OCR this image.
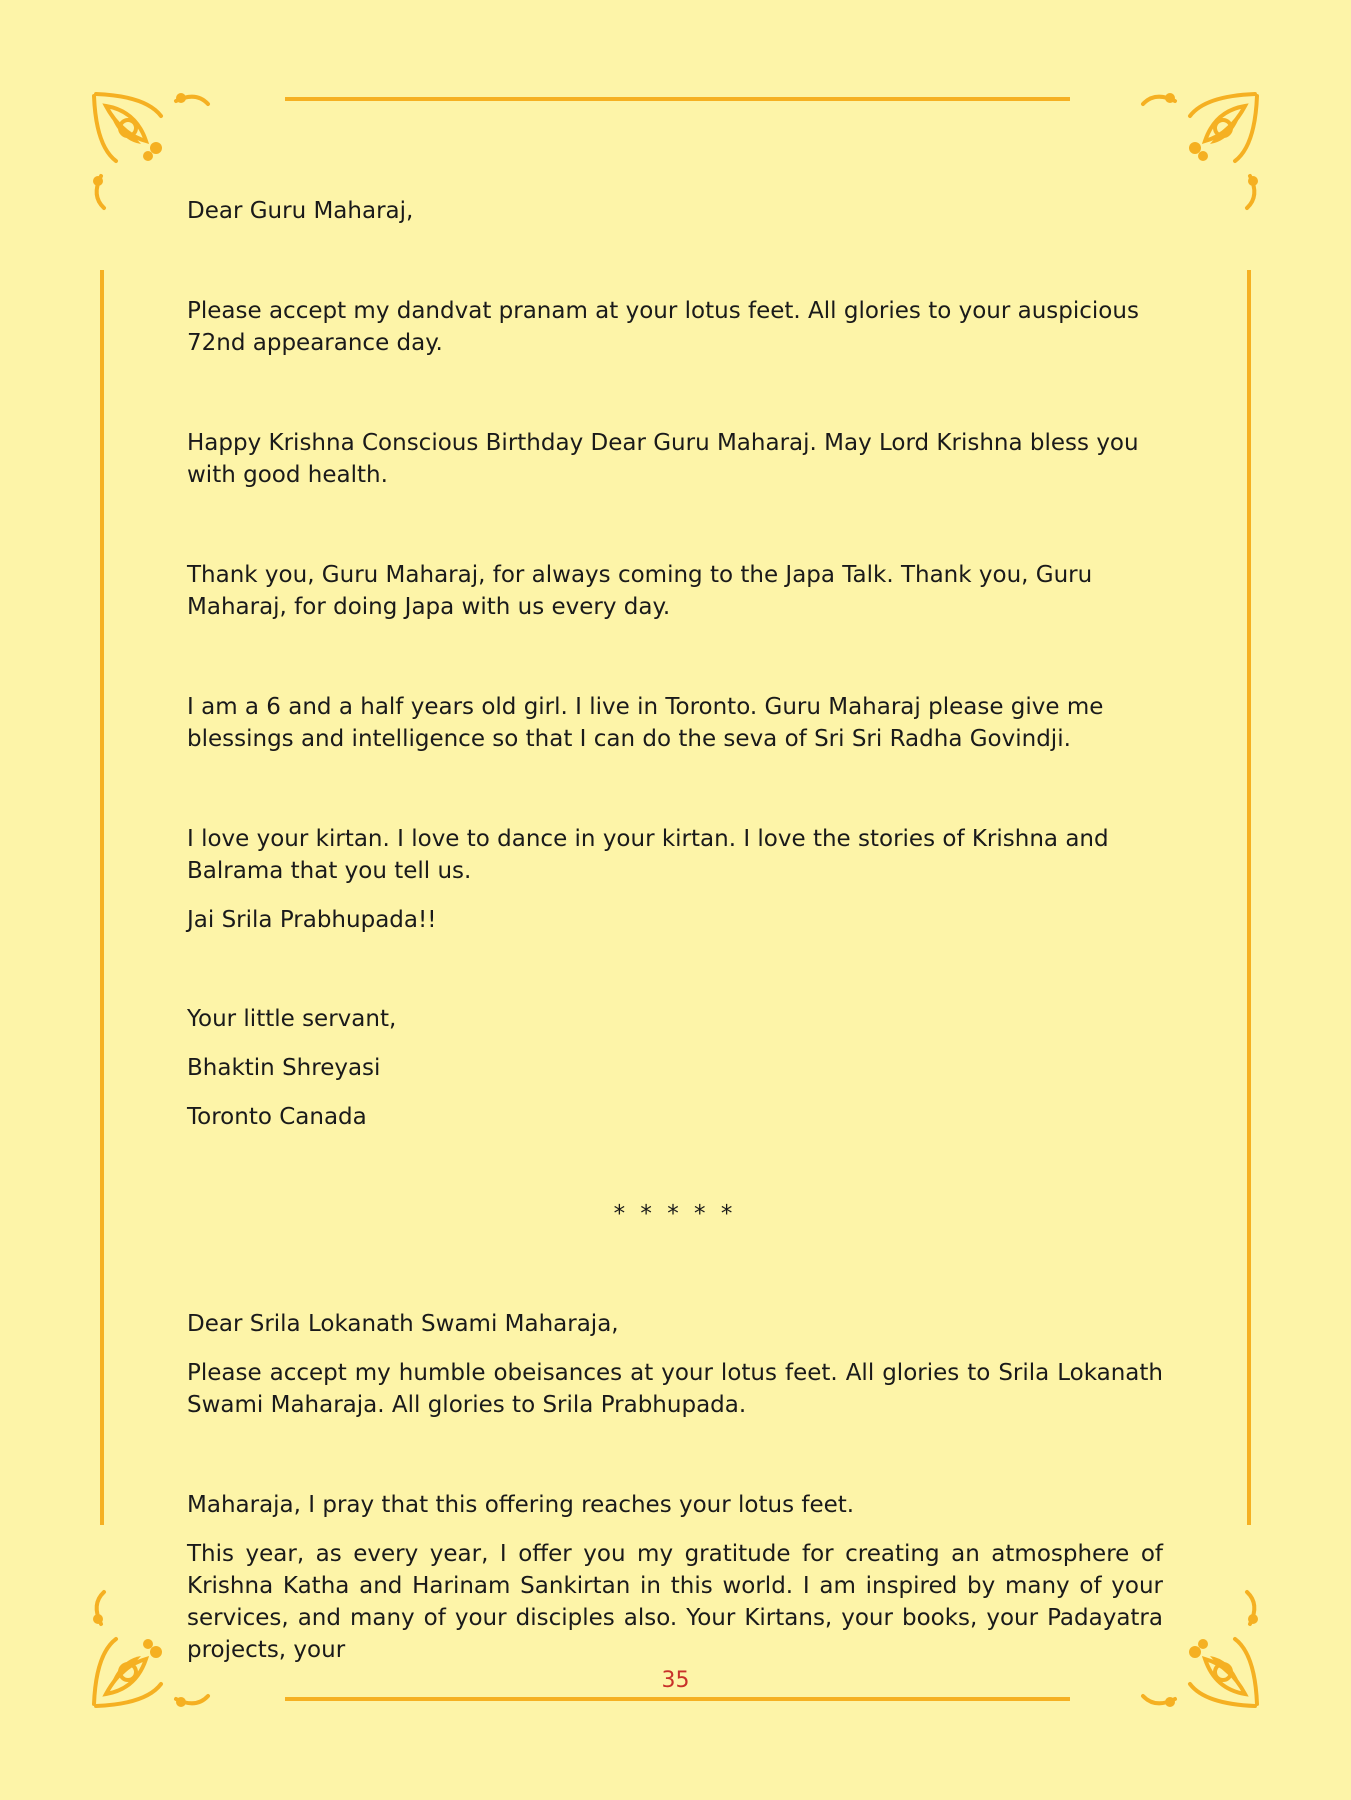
Dear Guru Maharaj,

Please accept my dandvat pranam at your lotus feet. All glories to your auspicious 72nd appearance day.

Happy Krishna Conscious Birthday Dear Guru Maharaj. May Lord Krishna bless you with good health.

Thank you, Guru Maharaj, for always coming to the Japa Talk. Thank you, Guru Maharaj, for doing Japa with us every day.

I am a 6 and a half years old girl. I live in Toronto. Guru Maharaj please give me blessings and intelligence so that I can do the seva of Sri Sri Radha Govindji.

I love your kirtan. I love to dance in your kirtan. I love the stories of Krishna and Balrama that you tell us.

Jai Srila Prabhupada!!

Your little servant,

Bhaktin Shreyasi

Toronto Canada

* * * * *

Dear Srila Lokanath Swami Maharaja,

Please accept my humble obeisances at your lotus feet. All glories to Srila Lokanath Swami Maharaja. All glories to Srila Prabhupada.

Maharaja, I pray that this offering reaches your lotus feet.

This year, as every year, I offer you my gratitude for creating an atmosphere of Krishna Katha and Harinam Sankirtan in this world. I am inspired by many of your services, and many of your disciples also. Your Kirtans, your books, your Padayatra projects, your

35
